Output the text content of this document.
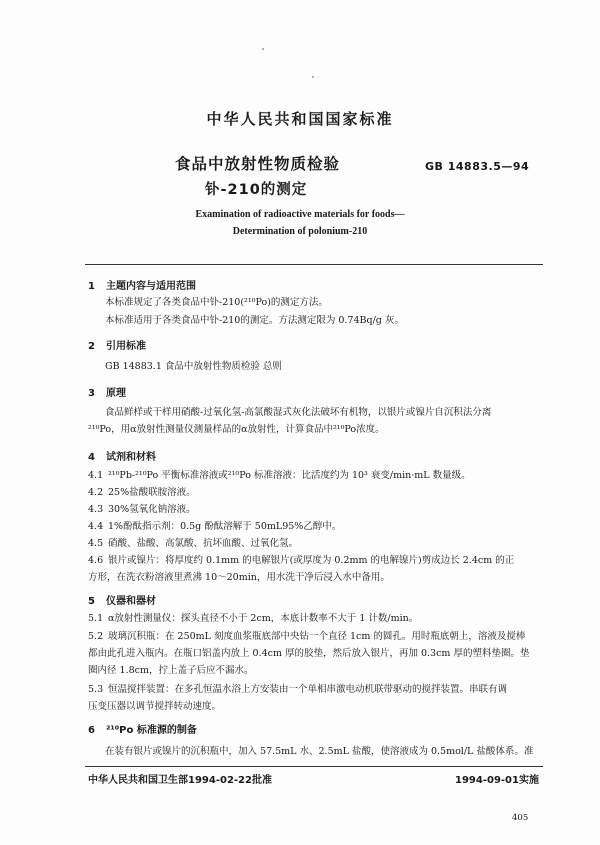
中华人民共和国国家标准
食品中放射性物质检验
钋-210的测定
GB 14883.5—94
Examination of radioactive materials for foods—
Determination of polonium-210
1 主题内容与适用范围
本标准规定了各类食品中钋-210(²¹⁰Po)的测定方法。
本标准适用于各类食品中钋-210的测定。方法测定限为 0.74Bq/g 灰。
2 引用标准
GB 14883.1 食品中放射性物质检验 总则
3 原理
食品鲜样或干样用硝酸-过氧化氢-高氯酸湿式灰化法破坏有机物，以银片或镍片自沉积法分离
²¹⁰Po，用α放射性测量仪测量样品的α放射性，计算食品中²¹⁰Po浓度。
4 试剂和材料
4.1 ²¹⁰Pb-²¹⁰Po 平衡标准溶液或²¹⁰Po 标准溶液：比活度约为 10³ 衰变/min·mL 数量级。
4.2 25%盐酸联胺溶液。
4.3 30%氢氧化钠溶液。
4.4 1%酚酞指示剂：0.5g 酚酞溶解于 50mL95%乙醇中。
4.5 硝酸、盐酸、高氯酸、抗坏血酸、过氧化氢。
4.6 银片或镍片：将厚度约 0.1mm 的电解银片(或厚度为 0.2mm 的电解镍片)剪成边长 2.4cm 的正
方形，在洗衣粉溶液里煮沸 10～20min，用水洗干净后浸入水中备用。
5 仪器和器材
5.1 α放射性测量仪：探头直径不小于 2cm，本底计数率不大于 1 计数/min。
5.2 玻璃沉积瓶：在 250mL 刻度血浆瓶底部中央钻一个直径 1cm 的圆孔。用时瓶底朝上，溶液及搅棒
都由此孔进入瓶内。在瓶口铝盖内放上 0.4cm 厚的胶垫，然后放入银片，再加 0.3cm 厚的塑料垫圈。垫
圈内径 1.8cm，拧上盖子后应不漏水。
5.3 恒温搅拌装置：在多孔恒温水浴上方安装由一个单相串激电动机联带驱动的搅拌装置。串联有调
压变压器以调节搅拌转动速度。
6 ²¹⁰Po 标准源的制备
在装有银片或镍片的沉积瓶中，加入 57.5mL 水、2.5mL 盐酸，使溶液成为 0.5mol/L 盐酸体系。准
中华人民共和国卫生部1994-02-22批准	1994-09-01实施
405
